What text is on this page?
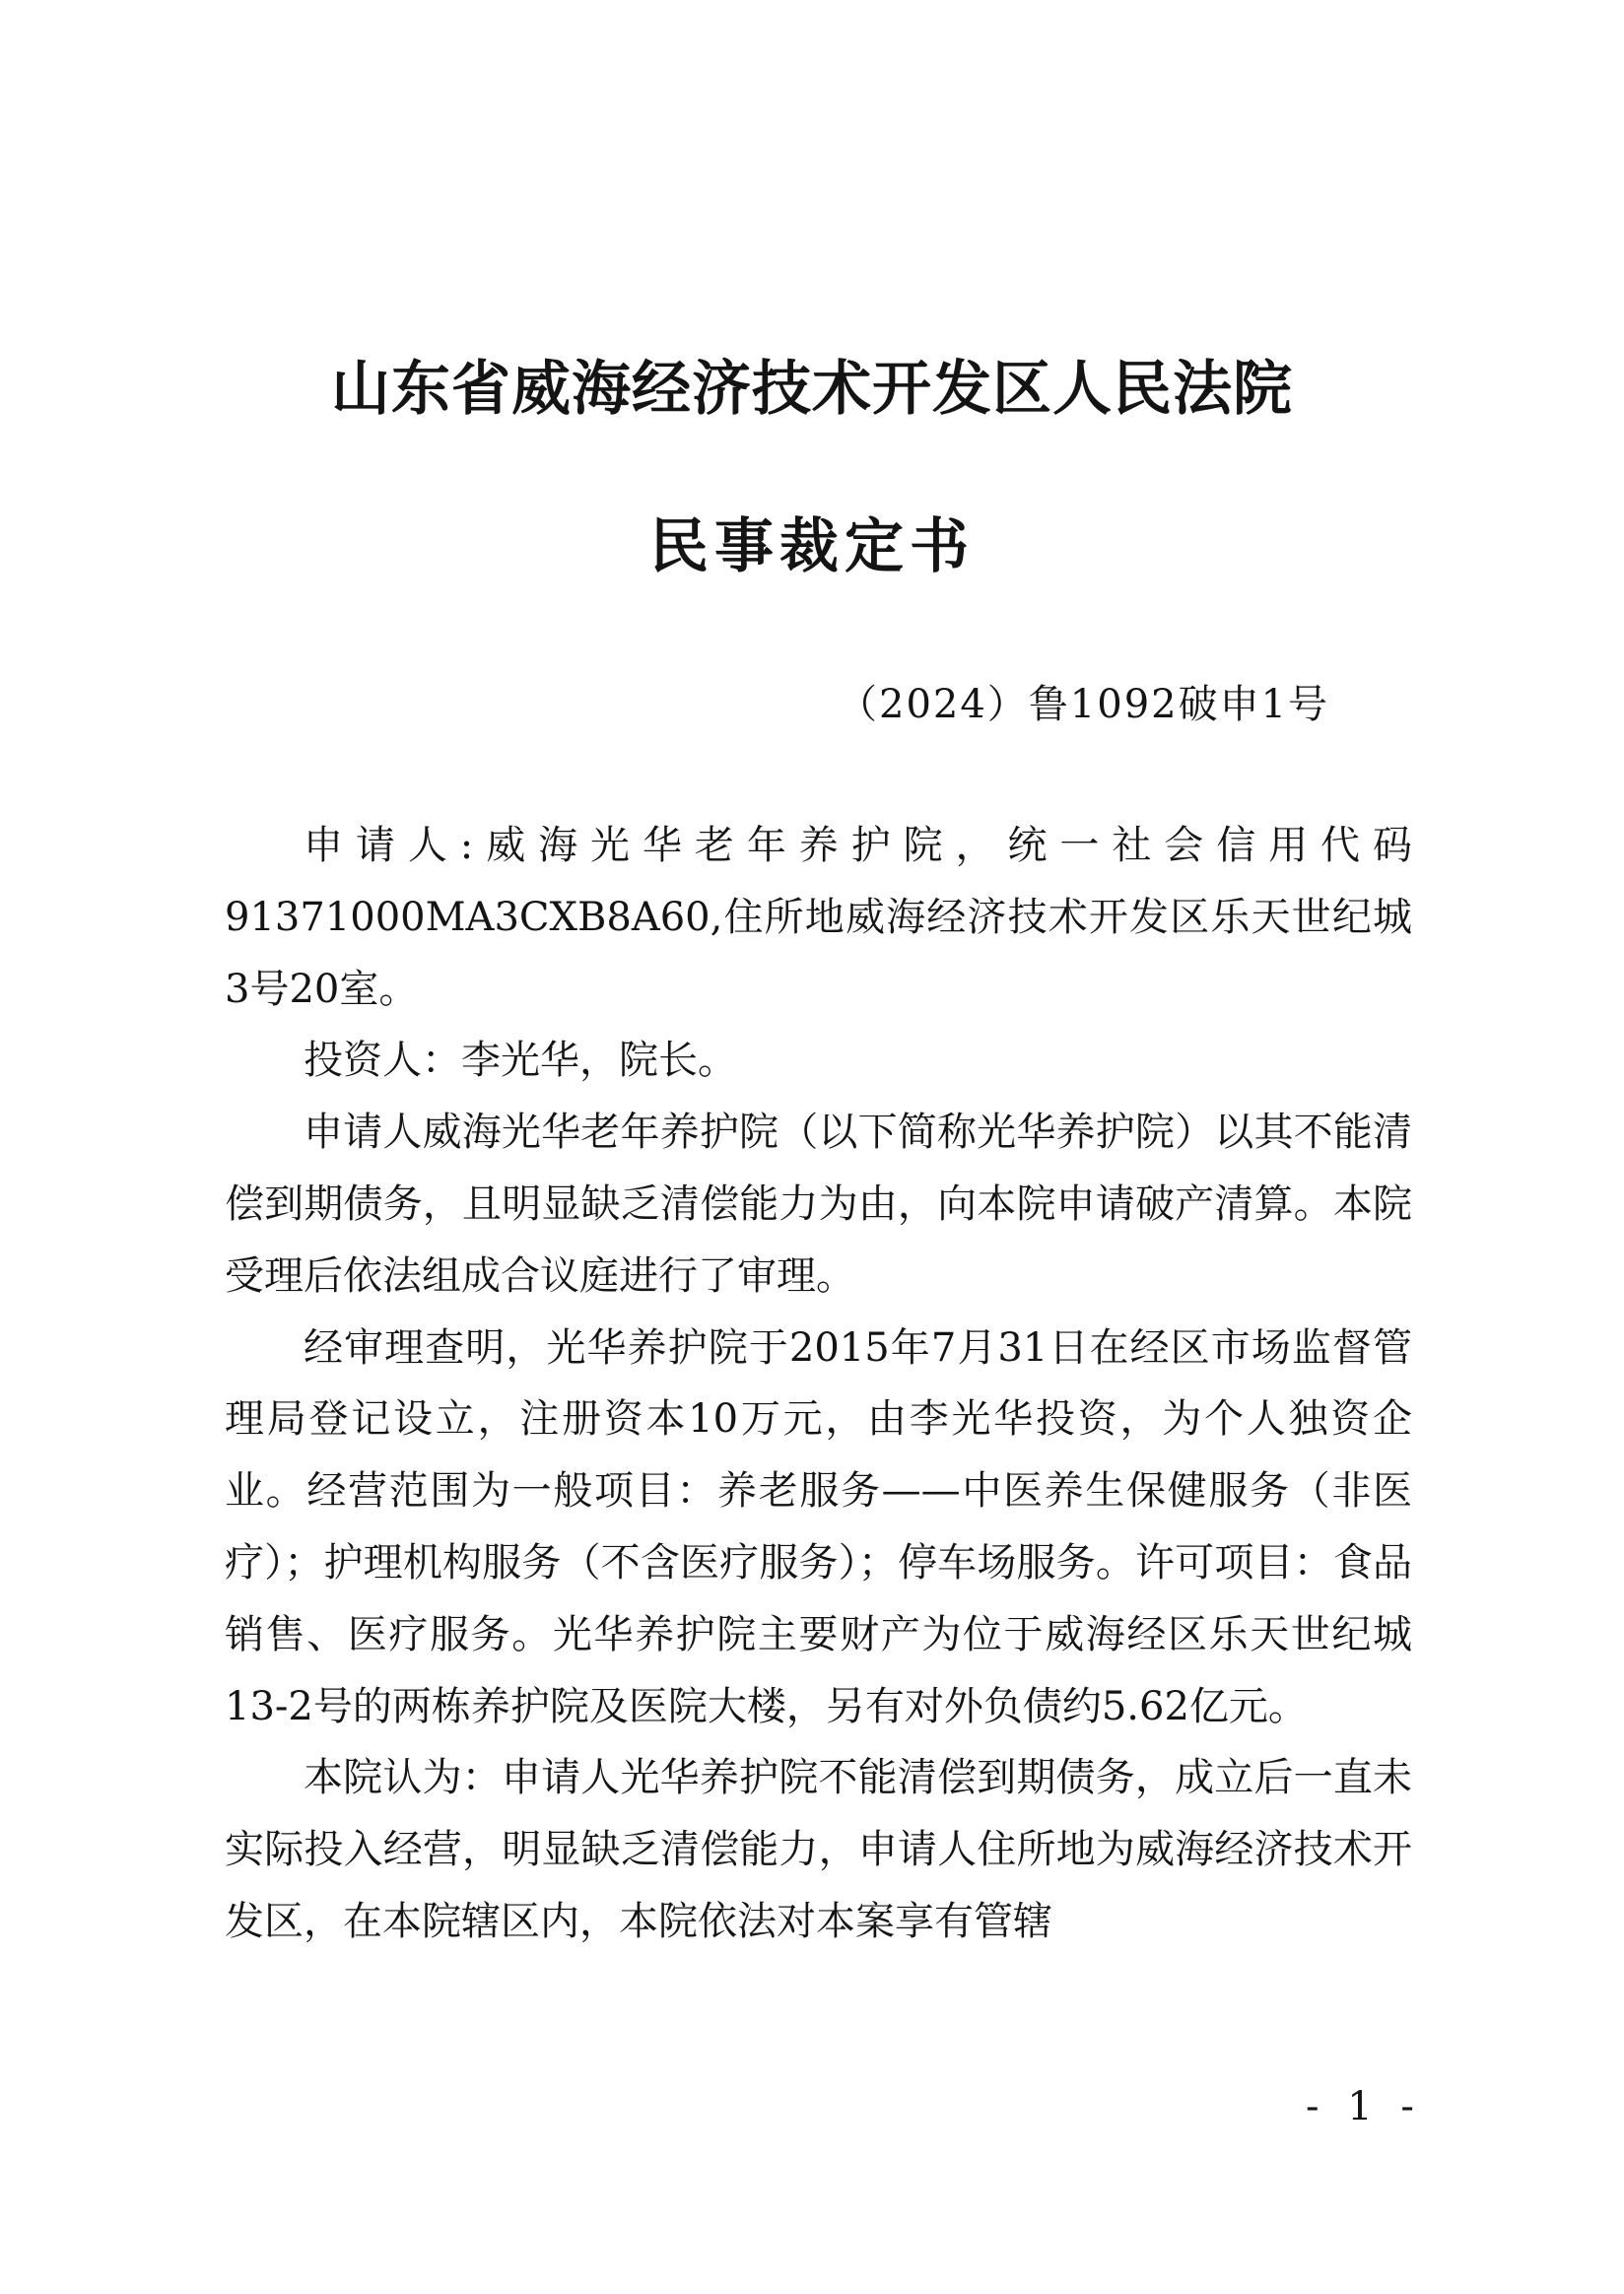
山东省威海经济技术开发区人民法院
民事裁定书
（2024）鲁1092破申1号

申请人:威海光华老年养护院，统一社会信用代码91371000MA3CXB8A60,住所地威海经济技术开发区乐天世纪城3号20室。

投资人：李光华，院长。

申请人威海光华老年养护院（以下简称光华养护院）以其不能清偿到期债务，且明显缺乏清偿能力为由，向本院申请破产清算。本院受理后依法组成合议庭进行了审理。

经审理查明，光华养护院于2015年7月31日在经区市场监督管理局登记设立，注册资本10万元，由李光华投资，为个人独资企业。经营范围为一般项目：养老服务——中医养生保健服务（非医疗）；护理机构服务（不含医疗服务）；停车场服务。许可项目：食品销售、医疗服务。光华养护院主要财产为位于威海经区乐天世纪城13-2号的两栋养护院及医院大楼，另有对外负债约5.62亿元。

本院认为：申请人光华养护院不能清偿到期债务，成立后一直未实际投入经营，明显缺乏清偿能力，申请人住所地为威海经济技术开发区，在本院辖区内，本院依法对本案享有管辖

- 1 -
